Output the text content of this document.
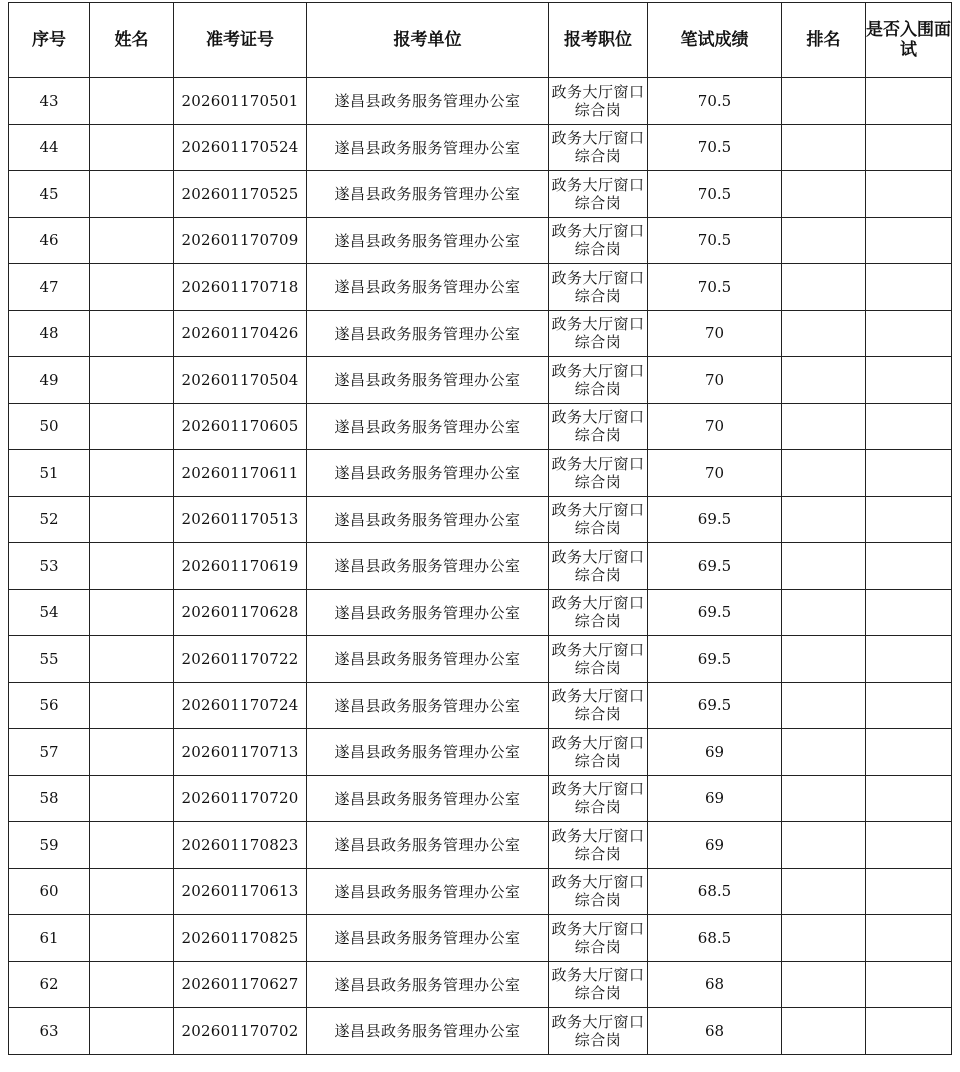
序号	姓名	准考证号	报考单位	报考职位	笔试成绩	排名	是否入围面试
43		202601170501	遂昌县政务服务管理办公室	政务大厅窗口综合岗	70.5		
44		202601170524	遂昌县政务服务管理办公室	政务大厅窗口综合岗	70.5		
45		202601170525	遂昌县政务服务管理办公室	政务大厅窗口综合岗	70.5		
46		202601170709	遂昌县政务服务管理办公室	政务大厅窗口综合岗	70.5		
47		202601170718	遂昌县政务服务管理办公室	政务大厅窗口综合岗	70.5		
48		202601170426	遂昌县政务服务管理办公室	政务大厅窗口综合岗	70		
49		202601170504	遂昌县政务服务管理办公室	政务大厅窗口综合岗	70		
50		202601170605	遂昌县政务服务管理办公室	政务大厅窗口综合岗	70		
51		202601170611	遂昌县政务服务管理办公室	政务大厅窗口综合岗	70		
52		202601170513	遂昌县政务服务管理办公室	政务大厅窗口综合岗	69.5		
53		202601170619	遂昌县政务服务管理办公室	政务大厅窗口综合岗	69.5		
54		202601170628	遂昌县政务服务管理办公室	政务大厅窗口综合岗	69.5		
55		202601170722	遂昌县政务服务管理办公室	政务大厅窗口综合岗	69.5		
56		202601170724	遂昌县政务服务管理办公室	政务大厅窗口综合岗	69.5		
57		202601170713	遂昌县政务服务管理办公室	政务大厅窗口综合岗	69		
58		202601170720	遂昌县政务服务管理办公室	政务大厅窗口综合岗	69		
59		202601170823	遂昌县政务服务管理办公室	政务大厅窗口综合岗	69		
60		202601170613	遂昌县政务服务管理办公室	政务大厅窗口综合岗	68.5		
61		202601170825	遂昌县政务服务管理办公室	政务大厅窗口综合岗	68.5		
62		202601170627	遂昌县政务服务管理办公室	政务大厅窗口综合岗	68		
63		202601170702	遂昌县政务服务管理办公室	政务大厅窗口综合岗	68		
